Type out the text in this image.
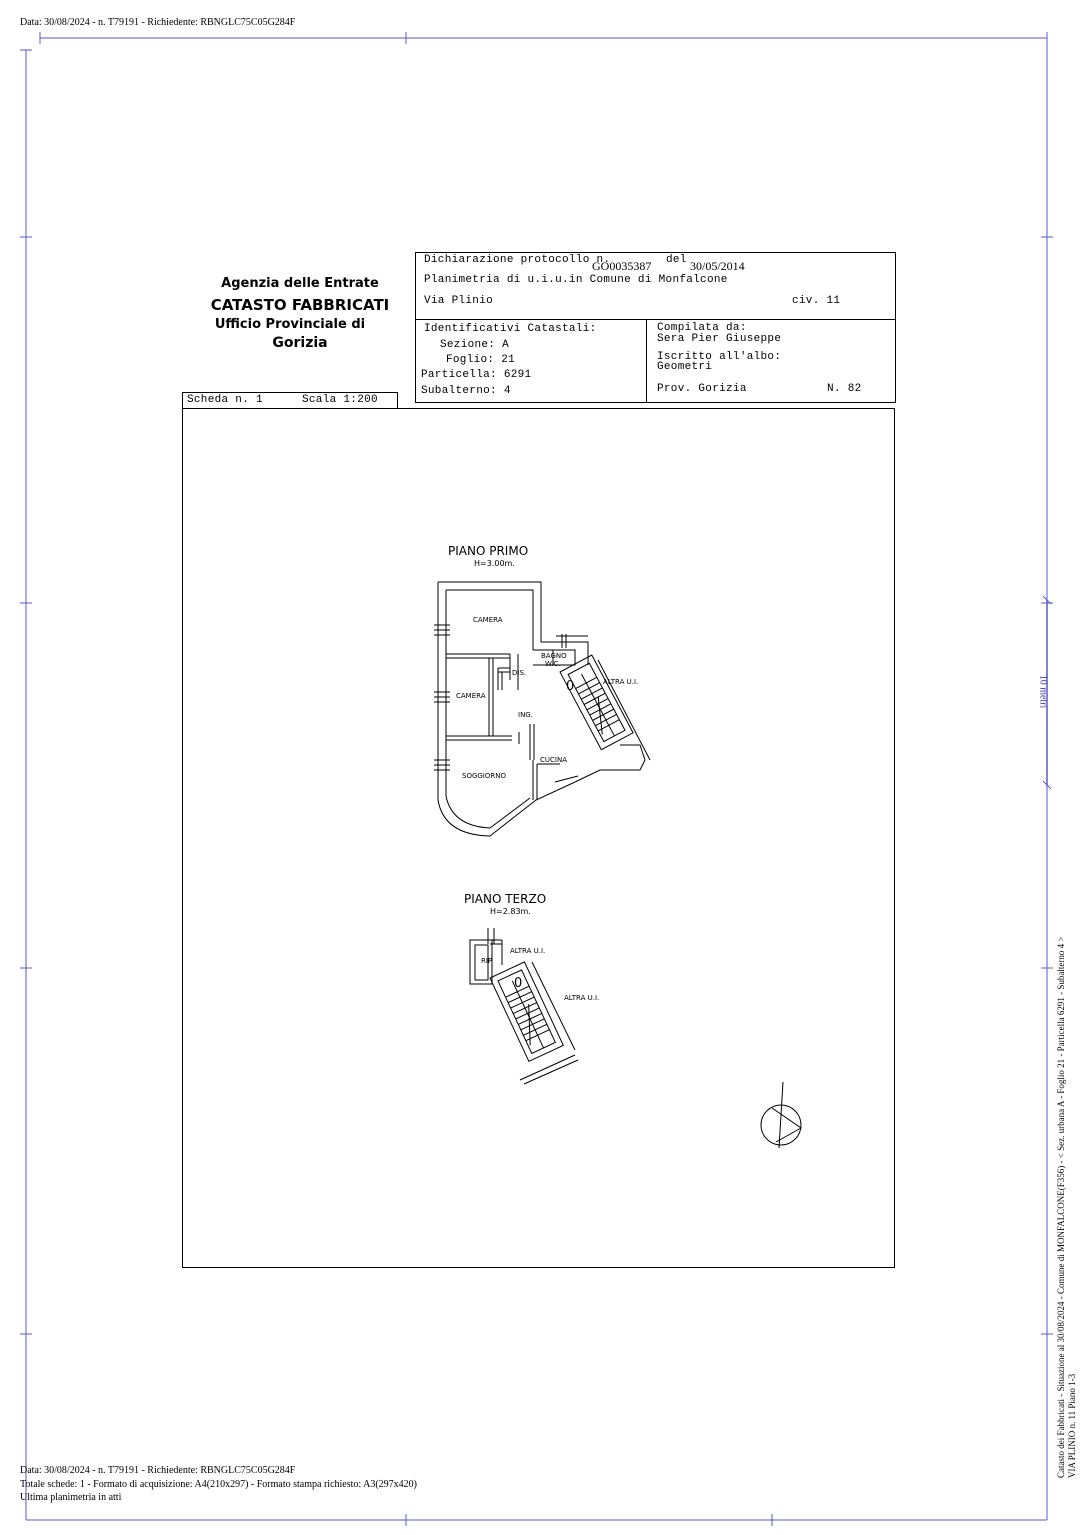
Data: 30/08/2024 - n. T79191 - Richiedente: RBNGLC75C05G284F
10 metri
Agenzia delle Entrate
CATASTO FABBRICATI
Ufficio Provinciale di
Gorizia
Dichiarazione protocollo n.
GO0035387 del 30/05/2014
Planimetria di u.i.u.in Comune di Monfalcone
Via Plinio	civ. 11
Identificativi Catastali:
Sezione: A
Foglio: 21
Particella: 6291
Subalterno: 4
Compilata da:
Sera Pier Giuseppe
Iscritto all'albo:
Geometri
Prov. Gorizia	N. 82
Scheda n. 1	Scala 1:200
PIANO PRIMO
H=3.00m.
PIANO TERZO
H=2.83m.
CAMERA
BAGNO
W.C.
DIS.
CAMERA
ING.
CUCINA
SOGGIORNO
ALTRA U.I.
0
RIP.
ALTRA U.I.
ALTRA U.I.
0	Catasto dei Fabbricati - Situazione al 30/08/2024 - Comune di MONFALCONE(F356) - < Sez. urbana A - Foglio 21 - Particella 6291 - Subalterno 4 > VIA PLINIO n. 11 Piano 1-3
Data: 30/08/2024 - n. T79191 - Richiedente: RBNGLC75C05G284F
Totale schede: 1 - Formato di acquisizione: A4(210x297) - Formato stampa richiesto: A3(297x420)
Ultima planimetria in atti
